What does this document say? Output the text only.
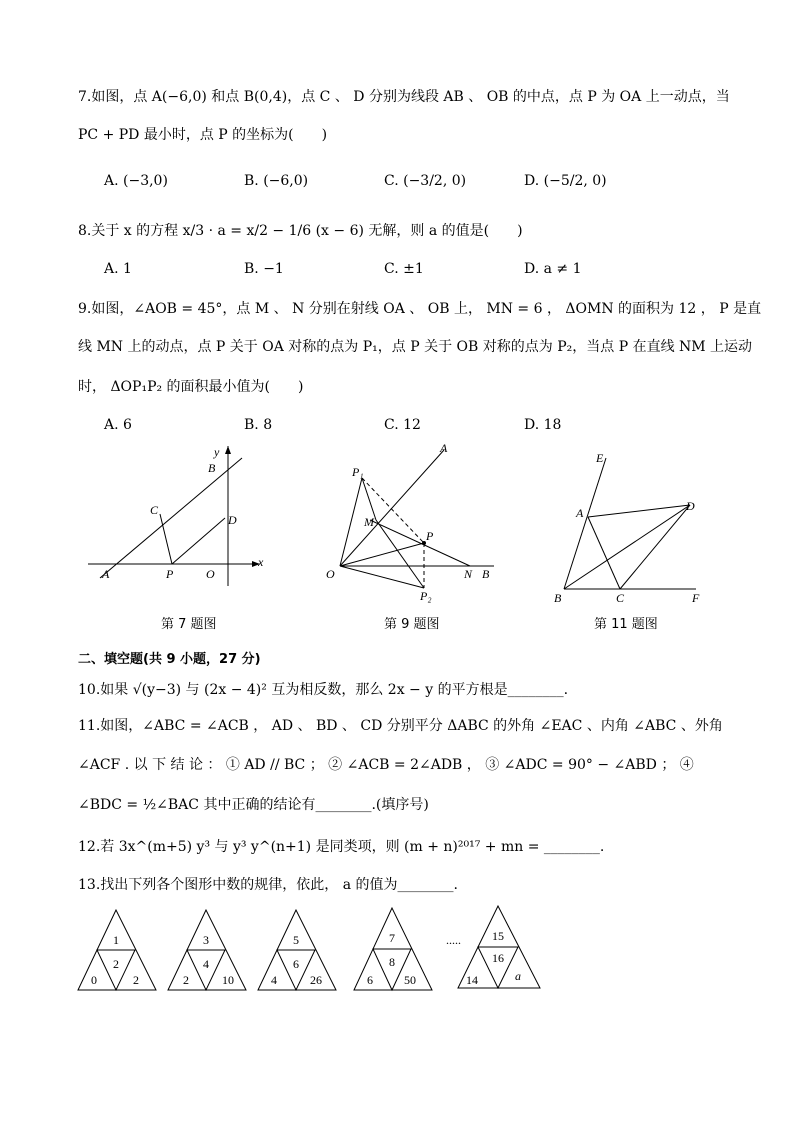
7.如图，点 A(−6,0) 和点 B(0,4)，点 C 、 D 分别为线段 AB 、 OB 的中点，点 P 为 OA 上一动点，当
PC + PD 最小时，点 P 的坐标为(　　)
A. (−3,0)	B. (−6,0)	C. (−3/2, 0)	D. (−5/2, 0)
8.关于 x 的方程 x/3 · a = x/2 − 1/6 (x − 6) 无解，则 a 的值是(　　)
A. 1	B. −1	C. ±1	D. a ≠ 1
9.如图，∠AOB = 45°，点 M 、 N 分别在射线 OA 、 OB 上， MN = 6 ， ΔOMN 的面积为 12 ， P 是直
线 MN 上的动点，点 P 关于 OA 对称的点为 P₁，点 P 关于 OB 对称的点为 P₂，当点 P 在直线 NM 上运动
时， ΔOP₁P₂ 的面积最小值为(　　)
A. 6	B. 8	C. 12	D. 18
y
x
B
C
D
A	P	O
第 7 题图
A
P₁
M
P
O	N B
P₂
第 9 题图
E
D
A
B	C	F
第 11 题图
二、填空题(共 9 小题，27 分)
10.如果 √(y−3) 与 (2x − 4)² 互为相反数，那么 2x − y 的平方根是________.
11.如图，∠ABC = ∠ACB ， AD 、 BD 、 CD 分别平分 ΔABC 的外角 ∠EAC 、内角 ∠ABC 、外角
∠ACF . 以 下 结 论 ： ① AD // BC ； ② ∠ACB = 2∠ADB ， ③ ∠ADC = 90° − ∠ABD ； ④
∠BDC = ½∠BAC 其中正确的结论有________.(填序号)
12.若 3x^(m+5) y³ 与 y³ y^(n+1) 是同类项，则 (m + n)²⁰¹⁷ + mn = ________.
13.找出下列各个图形中数的规律，依此， a 的值为________.
1
2
0	2
3
4
2	10
5
6
4	26
7
8
6	50
.....	15
16
14	a
